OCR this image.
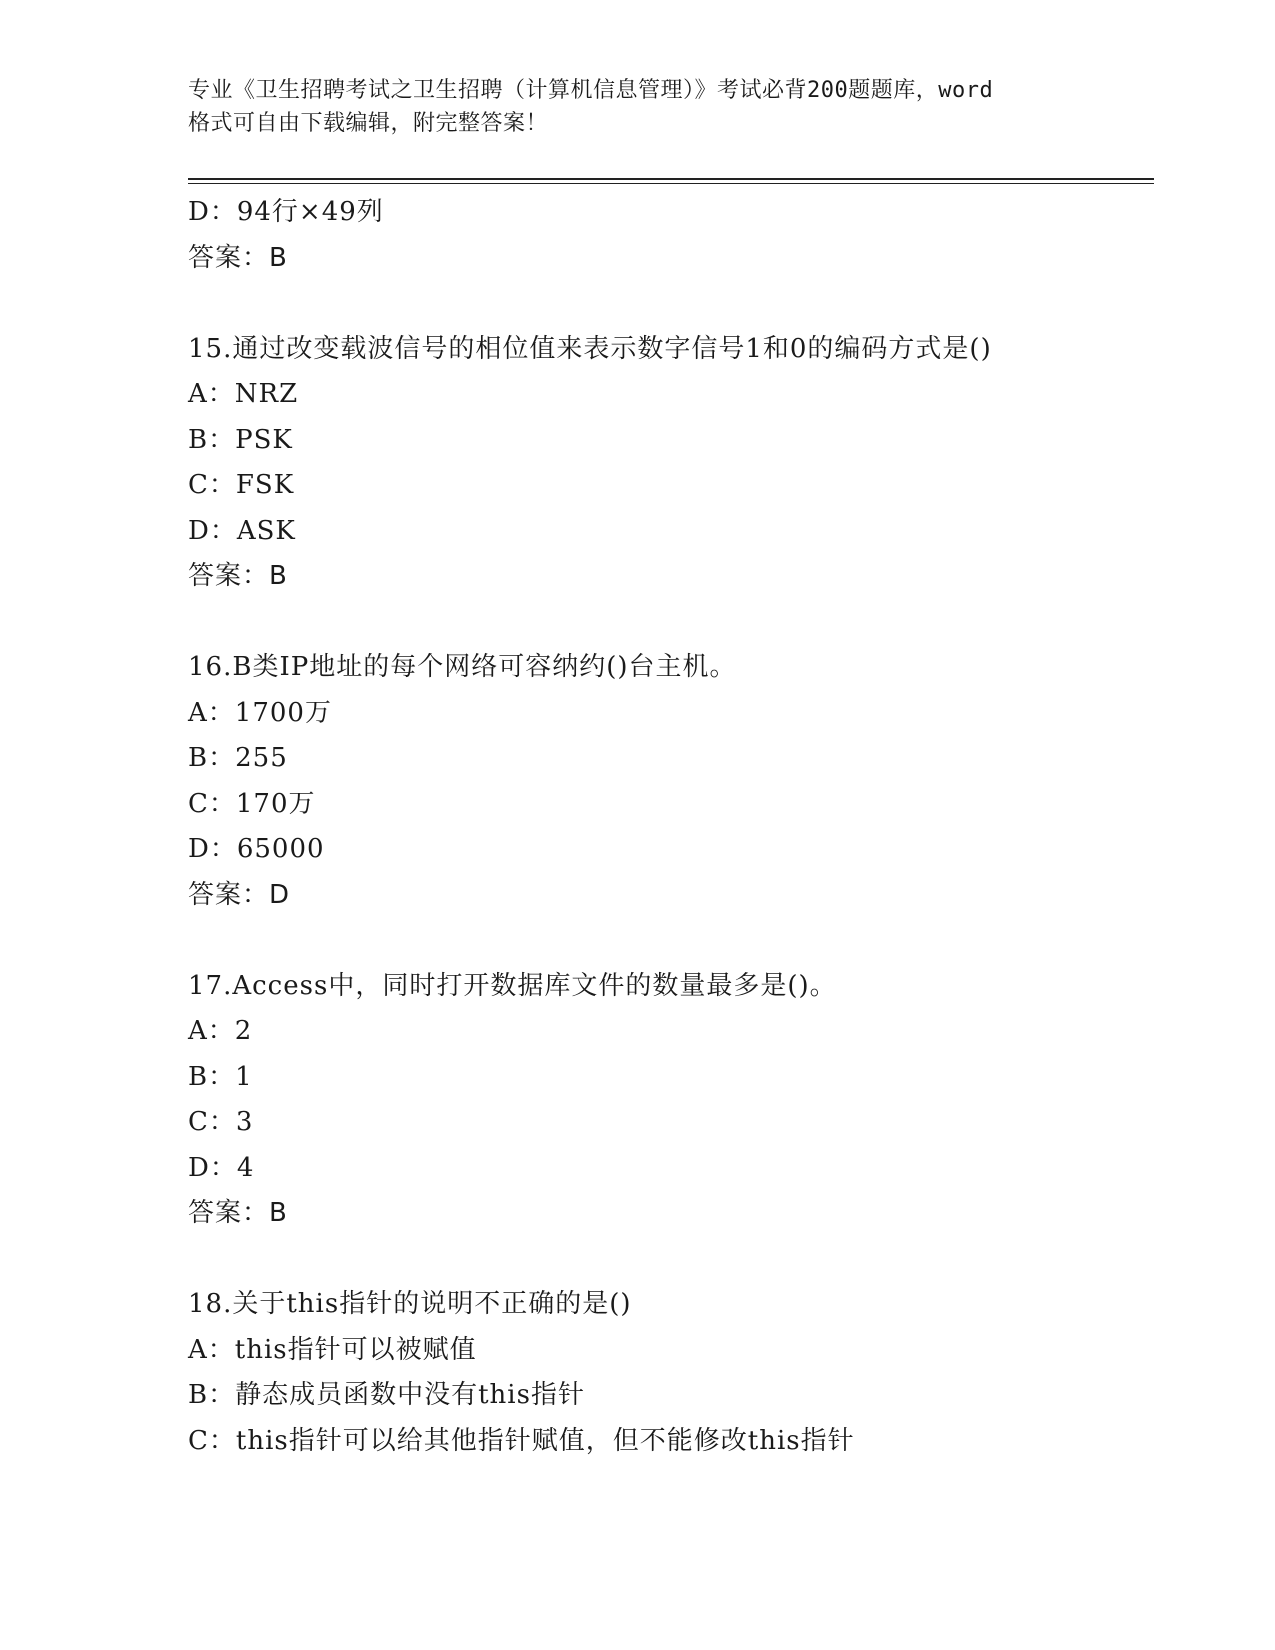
专业《卫生招聘考试之卫生招聘（计算机信息管理）》考试必背200题题库，word
格式可自由下载编辑，附完整答案！
D：94行×49列
答案：B
15.通过改变载波信号的相位值来表示数字信号1和0的编码方式是()
A：NRZ
B：PSK
C：FSK
D：ASK
答案：B
16.B类IP地址的每个网络可容纳约()台主机。
A：1700万
B：255
C：170万
D：65000
答案：D
17.Access中，同时打开数据库文件的数量最多是()。
A：2
B：1
C：3
D：4
答案：B
18.关于this指针的说明不正确的是()
A：this指针可以被赋值
B：静态成员函数中没有this指针
C：this指针可以给其他指针赋值，但不能修改this指针
